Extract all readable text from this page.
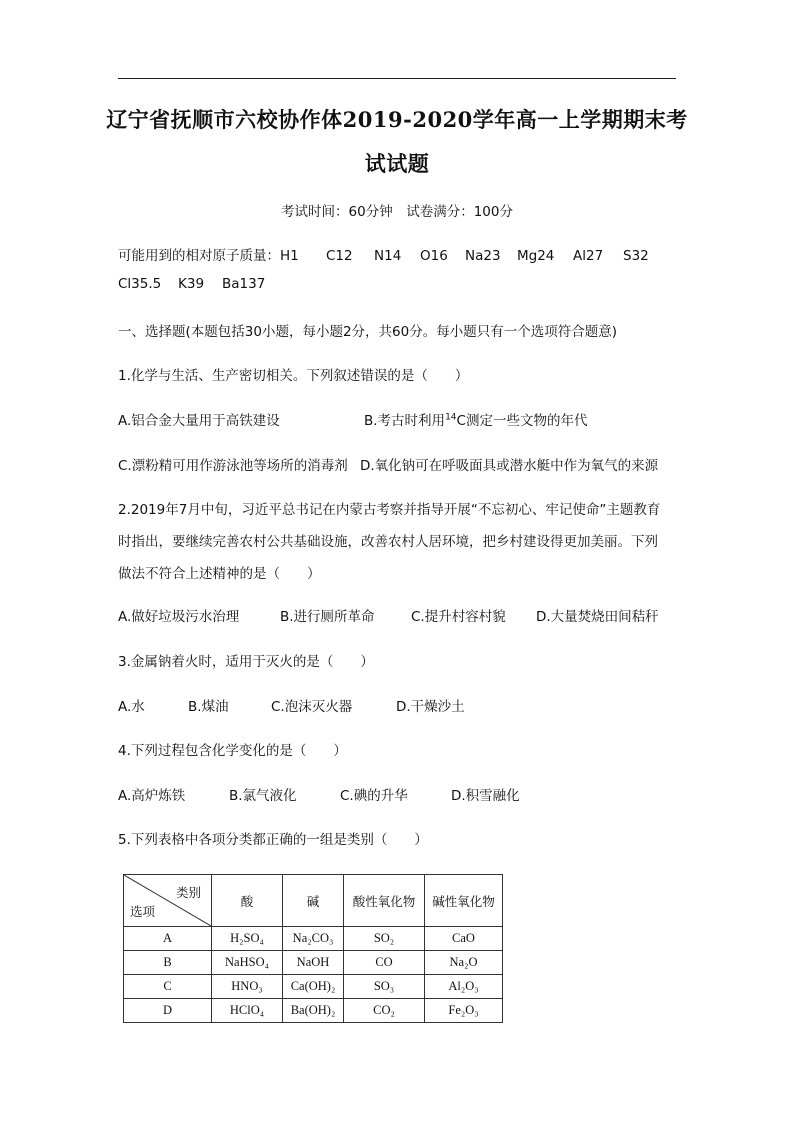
辽宁省抚顺市六校协作体2019-2020学年高一上学期期末考
试试题
考试时间：60分钟　试卷满分：100分
可能用到的相对原子质量：H1 C12 N14 O16 Na23 Mg24 Al27 S32
Cl35.5 K39 Ba137
一、选择题(本题包括30小题，每小题2分，共60分。每小题只有一个选项符合题意)
1.化学与生活、生产密切相关。下列叙述错误的是（　　）
A.铝合金大量用于高铁建设	B.考古时利用$^{14}$C测定一些文物的年代
C.漂粉精可用作游泳池等场所的消毒剂 D.氧化钠可在呼吸面具或潜水艇中作为氧气的来源
2.2019年7月中旬，习近平总书记在内蒙古考察并指导开展“不忘初心、牢记使命”主题教育
时指出，要继续完善农村公共基础设施，改善农村人居环境，把乡村建设得更加美丽。下列
做法不符合上述精神的是（　　）
A.做好垃圾污水治理	B.进行厕所革命	C.提升村容村貌 D.大量焚烧田间秸秆
3.金属钠着火时，适用于灭火的是（　　）
A.水	B.煤油	C.泡沫灭火器	D.干燥沙土
4.下列过程包含化学变化的是（　　）
A.高炉炼铁	B.氯气液化	C.碘的升华	D.积雪融化
5.下列表格中各项分类都正确的一组是类别（　　）
类别
选项	酸	碱	酸性氧化物	碱性氧化物
A	H₂SO₄	Na₂CO₃	SO₂	CaO
B	NaHSO₄	NaOH	CO	Na₂O
C	HNO₃	Ca(OH)₂	SO₃	Al₂O₃
D	HClO₄	Ba(OH)₂	CO₂	Fe₂O₃
